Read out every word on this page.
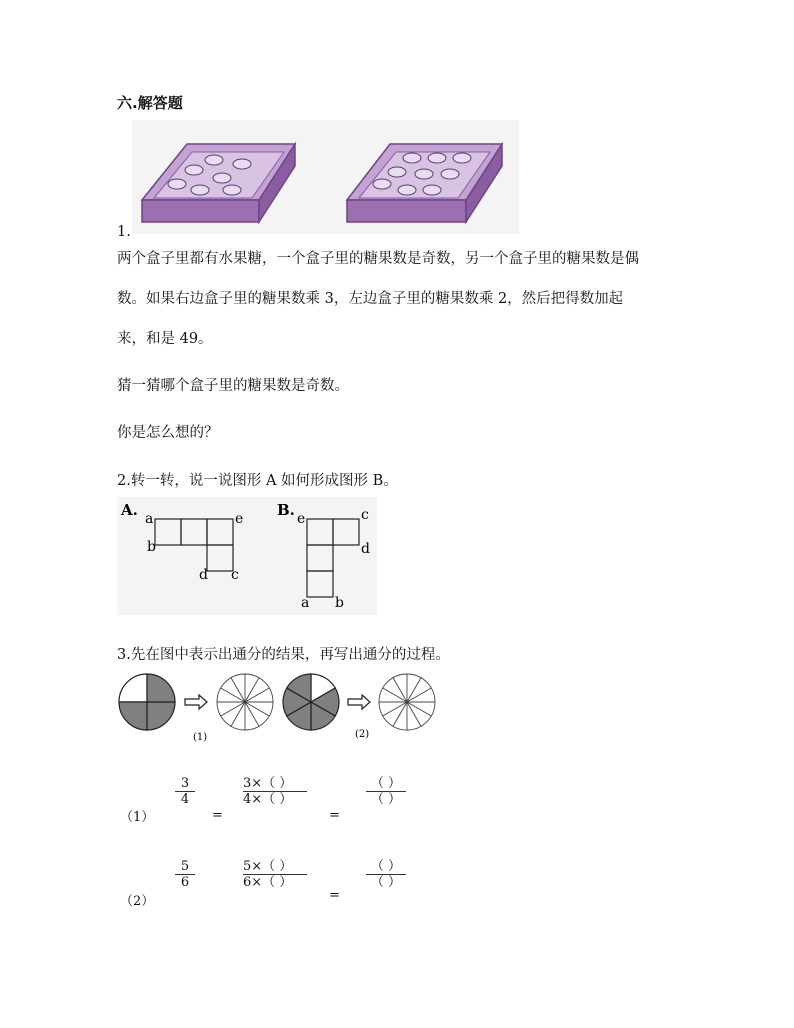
六.解答题
1.
两个盒子里都有水果糖，一个盒子里的糖果数是奇数，另一个盒子里的糖果数是偶
数。如果右边盒子里的糖果数乘 3，左边盒子里的糖果数乘 2，然后把得数加起
来，和是 49。
猜一猜哪个盒子里的糖果数是奇数。
你是怎么想的？
2.转一转，说一说图形 A 如何形成图形 B。
A. a
b
e
d c
B. e	c
d
a b
3.先在图中表示出通分的结果，再写出通分的过程。
(1)	(2)
（1）
3
4
=
3×（ ）
4×（ ）
=
（ ）
（ ）
（2）
5
6
5×（ ）
6×（ ）
=
（ ）
（ ）
